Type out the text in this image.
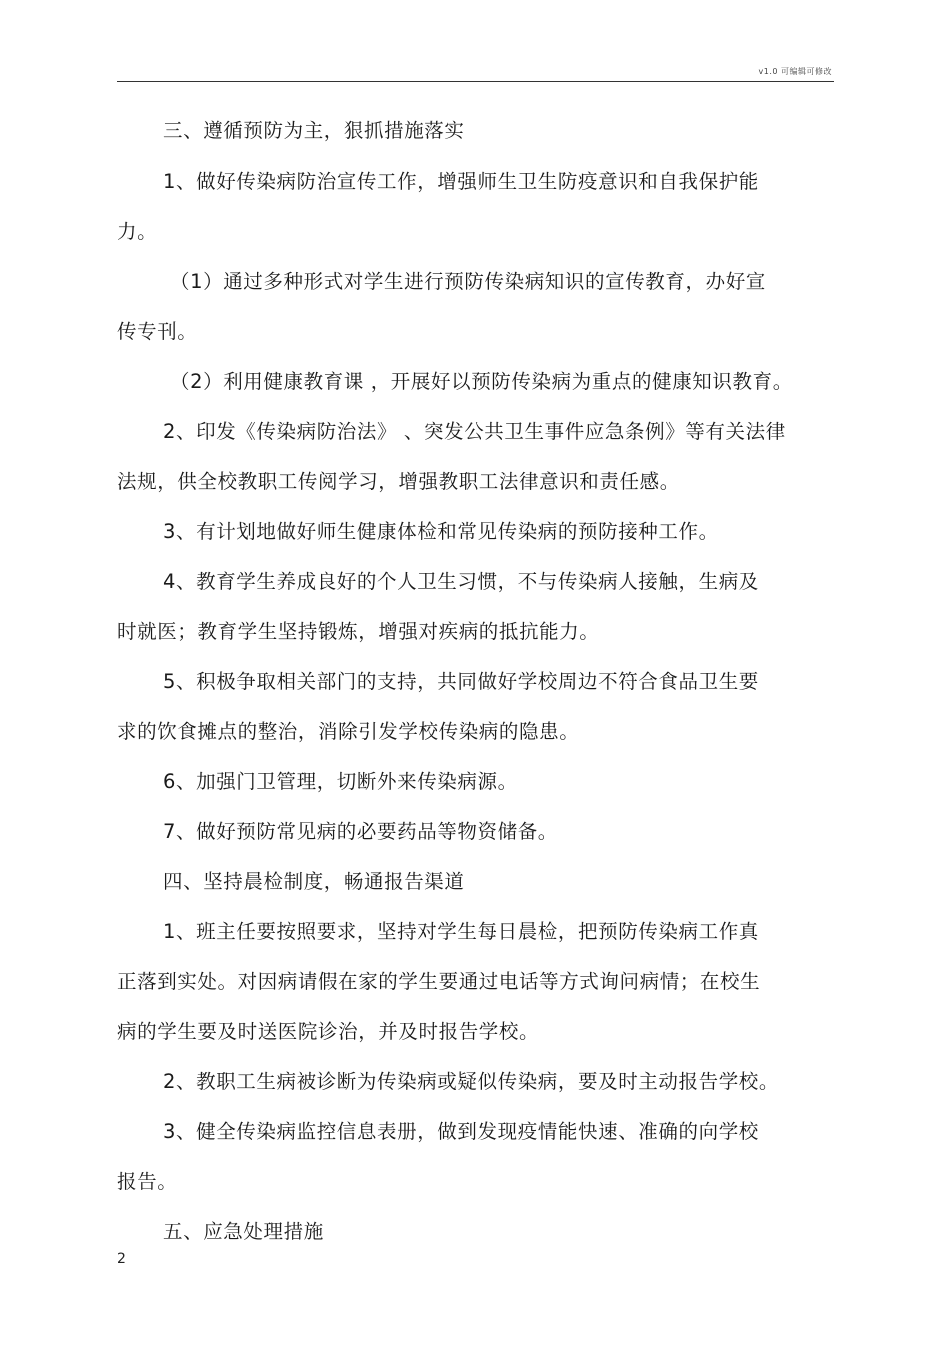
v1.0 可编辑可修改
三、遵循预防为主，狠抓措施落实
1、做好传染病防治宣传工作，增强师生卫生防疫意识和自我保护能
力。
（1）通过多种形式对学生进行预防传染病知识的宣传教育，办好宣
传专刊。
（2）利用健康教育课 ，开展好以预防传染病为重点的健康知识教育。
2、印发《传染病防治法》 、突发公共卫生事件应急条例》等有关法律
法规，供全校教职工传阅学习，增强教职工法律意识和责任感。
3、有计划地做好师生健康体检和常见传染病的预防接种工作。
4、教育学生养成良好的个人卫生习惯，不与传染病人接触，生病及
时就医；教育学生坚持锻炼，增强对疾病的抵抗能力。
5、积极争取相关部门的支持，共同做好学校周边不符合食品卫生要
求的饮食摊点的整治，消除引发学校传染病的隐患。
6、加强门卫管理，切断外来传染病源。
7、做好预防常见病的必要药品等物资储备。
四、坚持晨检制度，畅通报告渠道
1、班主任要按照要求，坚持对学生每日晨检，把预防传染病工作真
正落到实处。对因病请假在家的学生要通过电话等方式询问病情；在校生
病的学生要及时送医院诊治，并及时报告学校。
2、教职工生病被诊断为传染病或疑似传染病，要及时主动报告学校。
3、健全传染病监控信息表册，做到发现疫情能快速、准确的向学校
报告。
五、应急处理措施
2
